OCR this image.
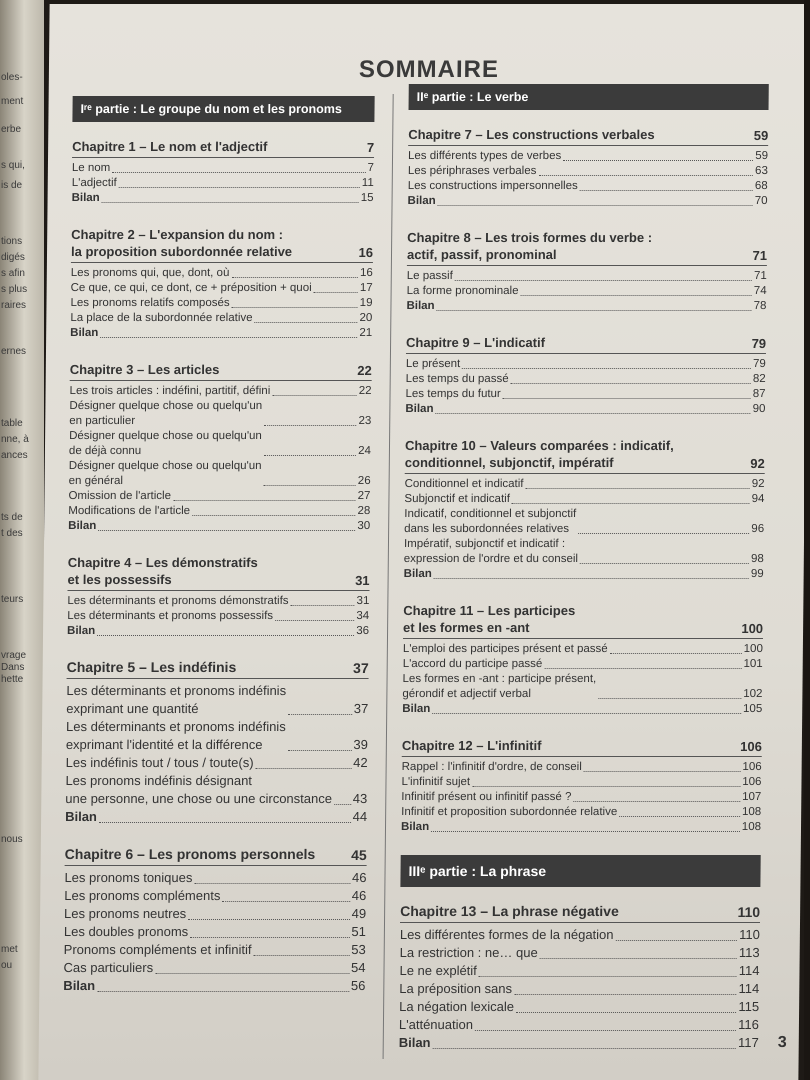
oles-
ment
erbe
s qui,
is de
tions
digés
s afin
s plus
raires
ernes
table
nne, à
ances
ts de
t des
teurs
vrage
Dans
hette
nous
met
ou
SOMMAIRE
Iʳᵉ partie : Le groupe du nom et les pronoms
Chapitre 1 – Le nom et l'adjectif	7
Le nom	7
L'adjectif	11
Bilan	15
Chapitre 2 – L'expansion du nom :
la proposition subordonnée relative	16
Les pronoms qui, que, dont, où	16
Ce que, ce qui, ce dont, ce + préposition + quoi	17
Les pronoms relatifs composés	19
La place de la subordonnée relative	20
Bilan	21
Chapitre 3 – Les articles	22
Les trois articles : indéfini, partitif, défini	22
Désigner quelque chose ou quelqu'un
en particulier	23
Désigner quelque chose ou quelqu'un
de déjà connu	24
Désigner quelque chose ou quelqu'un
en général	26
Omission de l'article	27
Modifications de l'article	28
Bilan	30
Chapitre 4 – Les démonstratifs
et les possessifs	31
Les déterminants et pronoms démonstratifs	31
Les déterminants et pronoms possessifs	34
Bilan	36
Chapitre 5 – Les indéfinis	37
Les déterminants et pronoms indéfinis
exprimant une quantité	37
Les déterminants et pronoms indéfinis
exprimant l'identité et la différence	39
Les indéfinis tout / tous / toute(s)	42
Les pronoms indéfinis désignant
une personne, une chose ou une circonstance 43
Bilan	44
Chapitre 6 – Les pronoms personnels	45
Les pronoms toniques	46
Les pronoms compléments	46
Les pronoms neutres	49
Les doubles pronoms	51
Pronoms compléments et infinitif	53
Cas particuliers	54
Bilan	56
IIᵉ partie : Le verbe
Chapitre 7 – Les constructions verbales	59
Les différents types de verbes	59
Les périphrases verbales	63
Les constructions impersonnelles	68
Bilan	70
Chapitre 8 – Les trois formes du verbe :
actif, passif, pronominal	71
Le passif	71
La forme pronominale	74
Bilan	78
Chapitre 9 – L'indicatif	79
Le présent	79
Les temps du passé	82
Les temps du futur	87
Bilan	90
Chapitre 10 – Valeurs comparées : indicatif,
conditionnel, subjonctif, impératif	92
Conditionnel et indicatif	92
Subjonctif et indicatif	94
Indicatif, conditionnel et subjonctif
dans les subordonnées relatives	96
Impératif, subjonctif et indicatif :
expression de l'ordre et du conseil	98
Bilan	99
Chapitre 11 – Les participes
et les formes en -ant	100
L'emploi des participes présent et passé	100
L'accord du participe passé	101
Les formes en -ant : participe présent,
gérondif et adjectif verbal	102
Bilan	105
Chapitre 12 – L'infinitif	106
Rappel : l'infinitif d'ordre, de conseil	106
L'infinitif sujet	106
Infinitif présent ou infinitif passé ?	107
Infinitif et proposition subordonnée relative	108
Bilan	108
IIIᵉ partie : La phrase
Chapitre 13 – La phrase négative	110
Les différentes formes de la négation	110
La restriction : ne… que	113
Le ne explétif	114
La préposition sans	114
La négation lexicale	115
L'atténuation	116
Bilan	117 3
